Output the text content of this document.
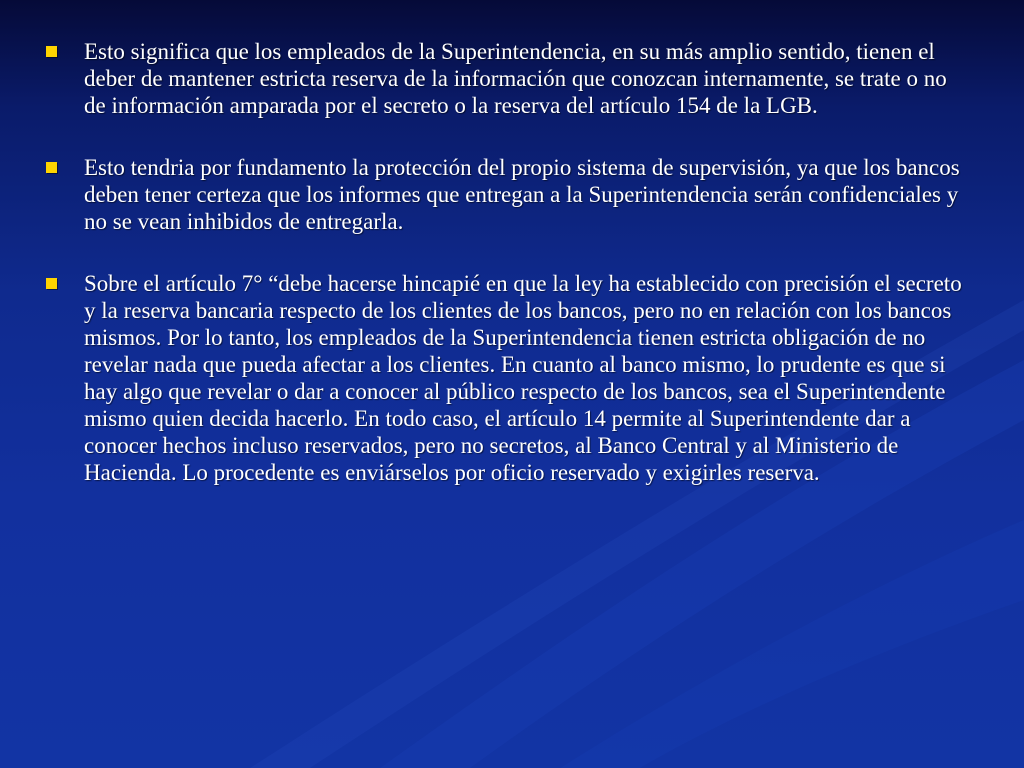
Esto significa que los empleados de la Superintendencia, en su más amplio sentido, tienen el deber de mantener estricta reserva de la información que conozcan internamente, se trate o no de información amparada por el secreto o la reserva del artículo 154 de la LGB.
Esto tendria por fundamento la protección del propio sistema de supervisión, ya que los bancos deben tener certeza que los informes que entregan a la Superintendencia serán confidenciales y no se vean inhibidos de entregarla.
Sobre el artículo 7° “debe hacerse hincapié en que la ley ha establecido con precisión el secreto y la reserva bancaria respecto de los clientes de los bancos, pero no en relación con los bancos mismos. Por lo tanto, los empleados de la Superintendencia tienen estricta obligación de no revelar nada que pueda afectar a los clientes. En cuanto al banco mismo, lo prudente es que si hay algo que revelar o dar a conocer al público respecto de los bancos, sea el Superintendente mismo quien decida hacerlo. En todo caso, el artículo 14 permite al Superintendente dar a conocer hechos incluso reservados, pero no secretos, al Banco Central y al Ministerio de Hacienda. Lo procedente es enviárselos por oficio reservado y exigirles reserva.
